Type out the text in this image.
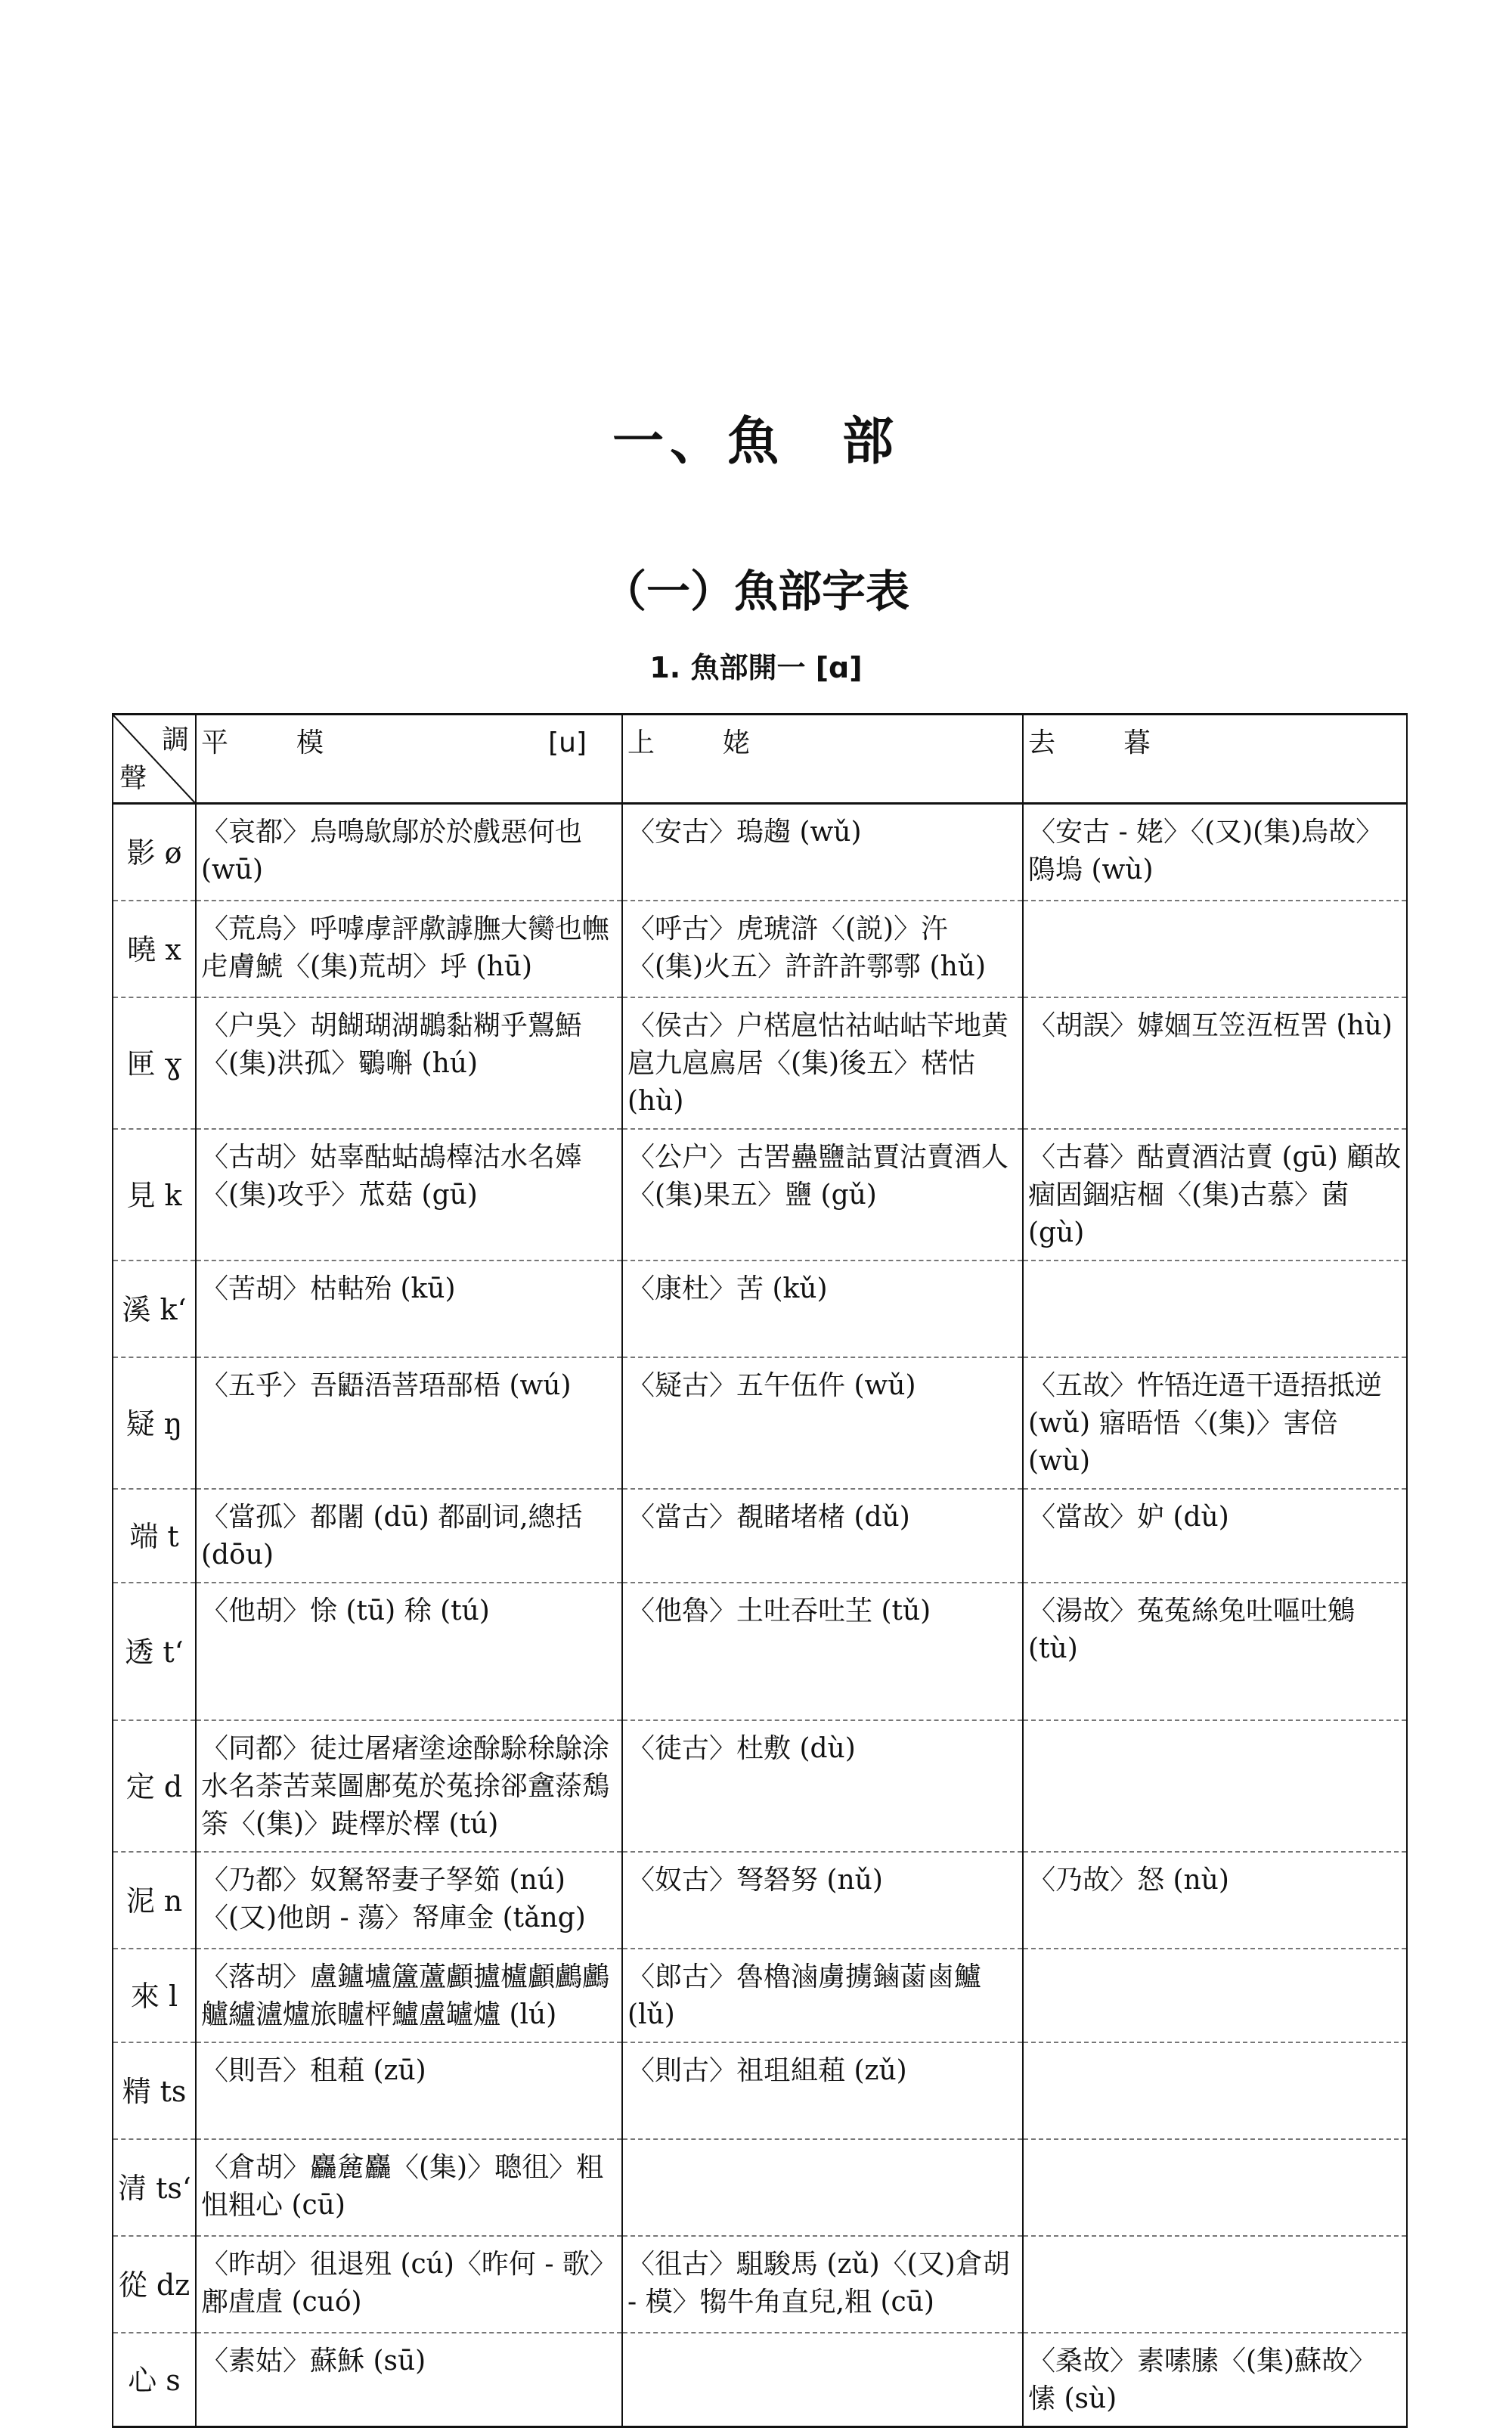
一、魚　部
（一）魚部字表
1. 魚部開一 [ɑ]
調
聲	平 模 [u]	上 姥	去 暮

影 ø	〈哀都〉烏鳴歍鄔於於戲惡何也 (wū)	〈安古〉瑦趨 (wǔ)	〈安古 - 姥〉〈(又)(集)烏故〉隝塢 (wù)
曉 x	〈荒烏〉呼嘑虖評歑謼膴大臠也幠虍膚鯱〈(集)荒胡〉垀 (hū)	〈呼古〉虎琥滸〈(説)〉汻〈(集)火五〉許許許鄠鄠 (hǔ)	
匣 ɣ	〈户吳〉胡餬瑚湖鶘黏糊乎鶦鯃〈(集)洪孤〉鸀嘝 (hú)	〈侯古〉户楛扈怙祜岵岵苄地黄扈九扈鳸居〈(集)後五〉楛怙 (hù)	〈胡誤〉嫭婟互笠沍枑罟 (hù)
見 k	〈古胡〉姑辜酤蛄鴣橭沽水名嫴〈(集)攻乎〉苽菇 (gū)	〈公户〉古罟蠱鹽詁賈沽賣酒人〈(集)果五〉鹽 (gǔ)	〈古暮〉酤賣酒沽賣 (gū) 顧故痼固錮痁棝〈(集)古慕〉菌 (gù)
溪 kʻ	〈苦胡〉枯軲殆 (kū)	〈康杜〉苦 (kǔ)	
疑 ŋ	〈五乎〉吾鼯浯菩珸郚梧 (wú)	〈疑古〉五午伍仵 (wǔ)	〈五故〉忤啎迕逜干逜捂抵逆 (wǔ) 寤晤悟〈(集)〉害倍 (wù)
端 t	〈當孤〉都闍 (dū) 都副词,總括 (dōu)	〈當古〉覩睹堵楮 (dǔ)	〈當故〉妒 (dù)
透 tʻ	〈他胡〉悇 (tū) 稌 (tú)	〈他魯〉土吐吞吐芏 (tǔ)	〈湯故〉菟菟絲兔吐嘔吐鵵 (tù)
定 d	〈同都〉徒辻屠瘏塗途酴駼稌鵌涂水名荼苦菜圖鄌菟於菟捈郤盦蒤鵚筡〈(集)〉跿檡於檡 (tú)	〈徒古〉杜敷 (dù)	
泥 n	〈乃都〉奴駑帑妻子孥筎 (nú)〈(又)他朗 - 蕩〉帑庫金 (tǎng)	〈奴古〉弩砮努 (nǔ)	〈乃故〉怒 (nù)
來 l	〈落胡〉盧鑪壚籚蘆顱攎櫨顱鸕鸕艫纑瀘爐旅矑枰鱸盧罏爐 (lú)	〈郎古〉魯櫓滷虜擄鏀蓾鹵鱸 (lǔ)	
精 ts	〈則吾〉租蒩 (zū)	〈則古〉祖珇組蒩 (zǔ)	
清 tsʻ	〈倉胡〉麤麄麤〈(集)〉聰徂〉粗怚粗心 (cū)		
從 dz	〈昨胡〉徂退殂 (cú)〈昨何 - 歌〉鄌虘虘 (cuó)	〈徂古〉駔駿馬 (zǔ)〈(又)倉胡 - 模〉犓牛角直兒,粗 (cū)	
心 s	〈素姑〉蘇穌 (sū)		〈桑故〉素嗉膆〈(集)蘇故〉愫 (sù)
